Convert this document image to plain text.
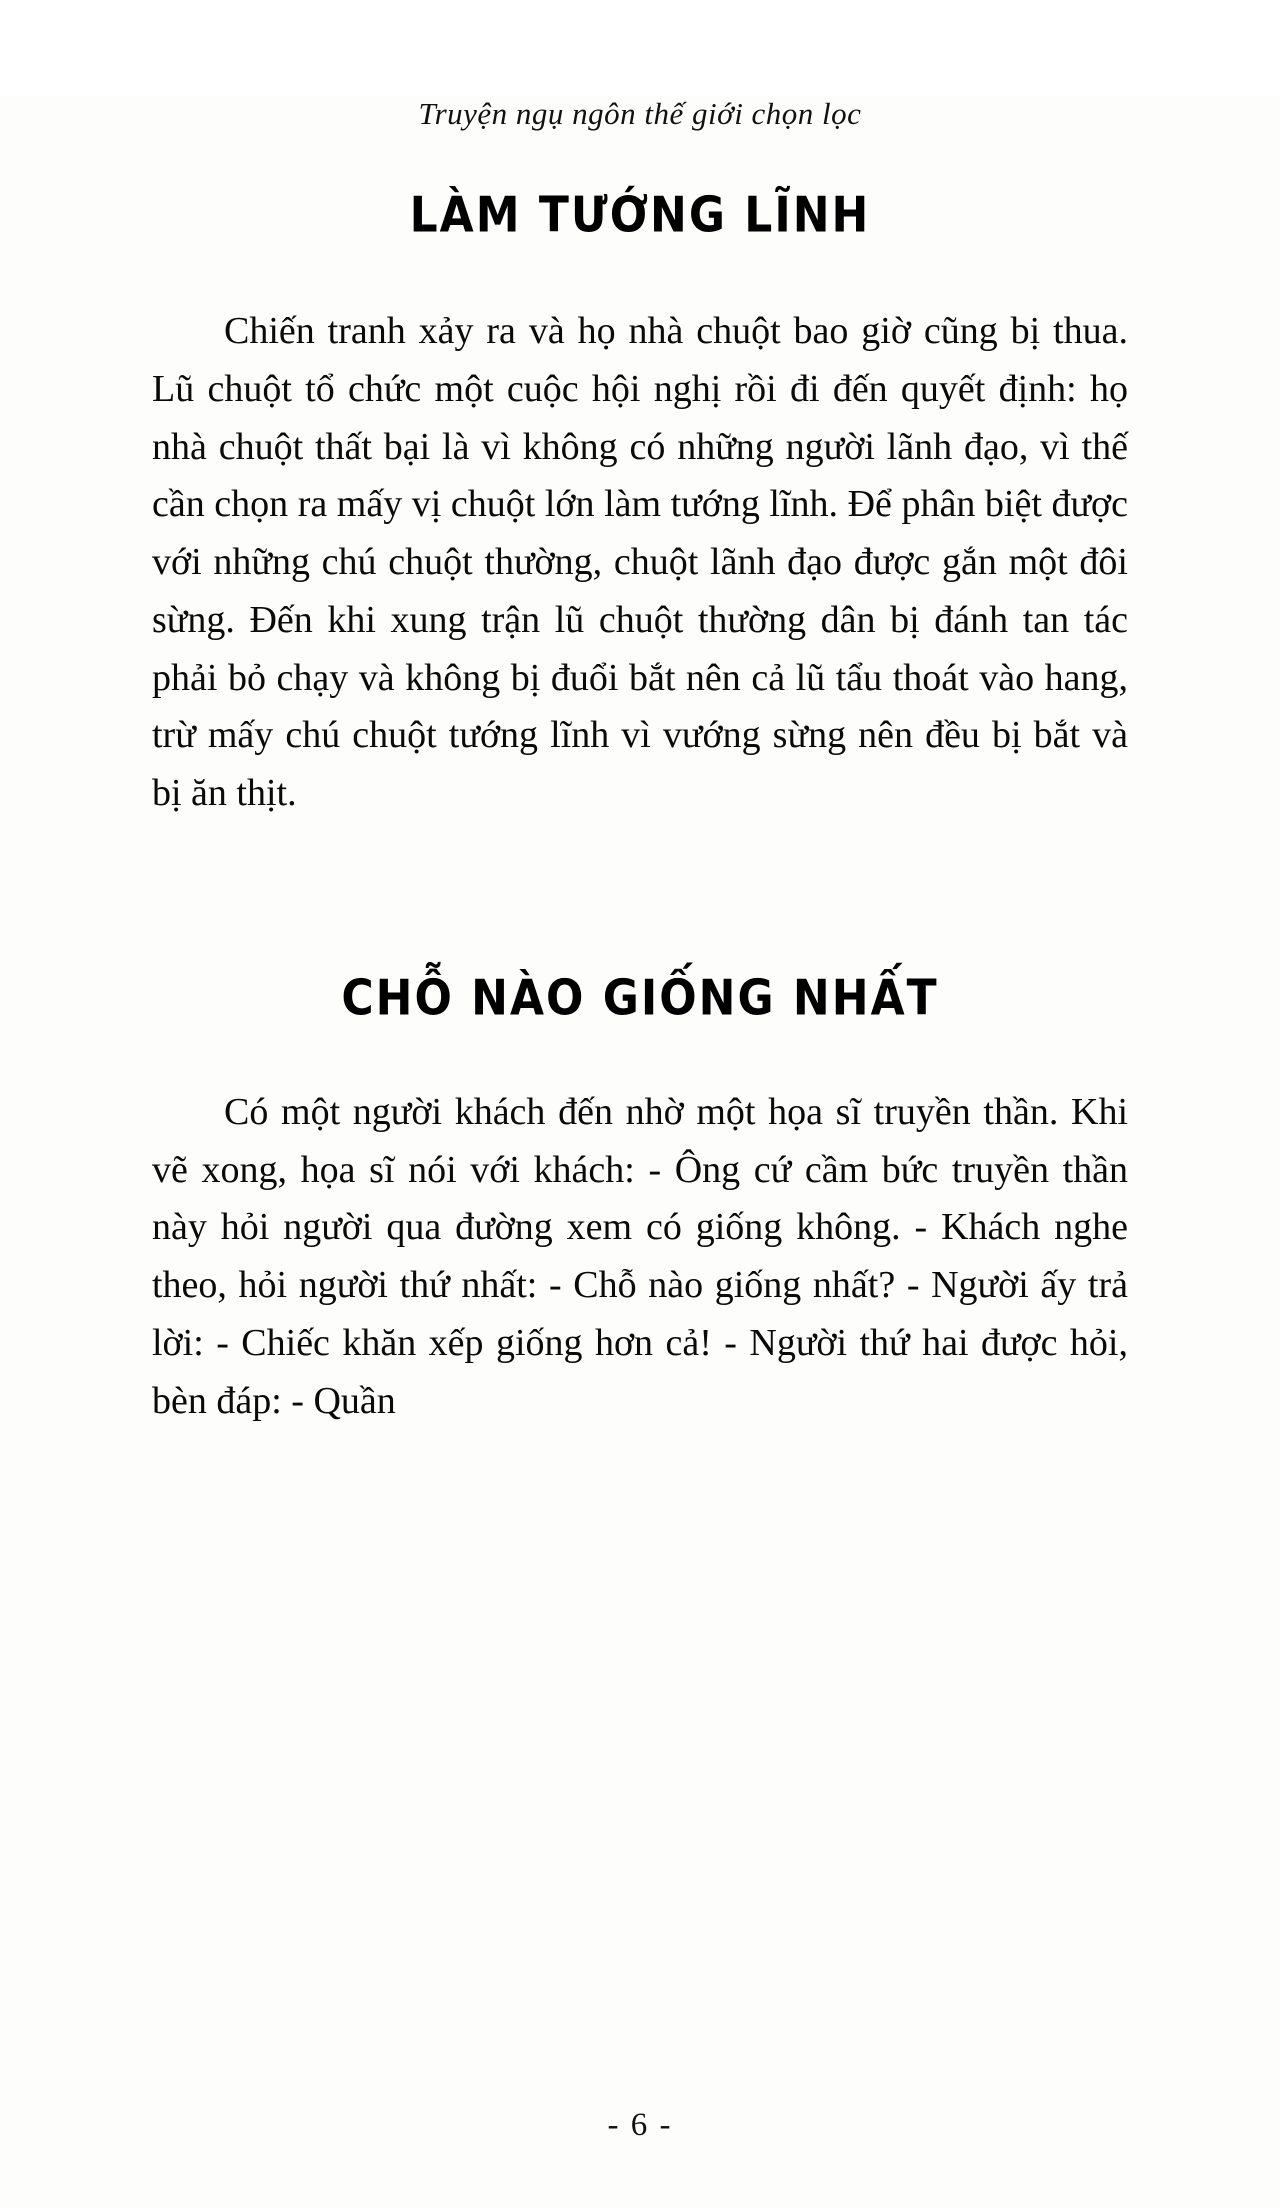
Truyện ngụ ngôn thế giới chọn lọc
LÀM TƯỚNG LĨNH

Chiến tranh xảy ra và họ nhà chuột bao giờ cũng bị thua. Lũ chuột tổ chức một cuộc hội nghị rồi đi đến quyết định: họ nhà chuột thất bại là vì không có những người lãnh đạo, vì thế cần chọn ra mấy vị chuột lớn làm tướng lĩnh. Để phân biệt được với những chú chuột thường, chuột lãnh đạo được gắn một đôi sừng. Đến khi xung trận lũ chuột thường dân bị đánh tan tác phải bỏ chạy và không bị đuổi bắt nên cả lũ tẩu thoát vào hang, trừ mấy chú chuột tướng lĩnh vì vướng sừng nên đều bị bắt và bị ăn thịt.

CHỖ NÀO GIỐNG NHẤT

Có một người khách đến nhờ một họa sĩ truyền thần. Khi vẽ xong, họa sĩ nói với khách: - Ông cứ cầm bức truyền thần này hỏi người qua đường xem có giống không. - Khách nghe theo, hỏi người thứ nhất: - Chỗ nào giống nhất? - Người ấy trả lời: - Chiếc khăn xếp giống hơn cả! - Người thứ hai được hỏi, bèn đáp: - Quần

- 6 -
